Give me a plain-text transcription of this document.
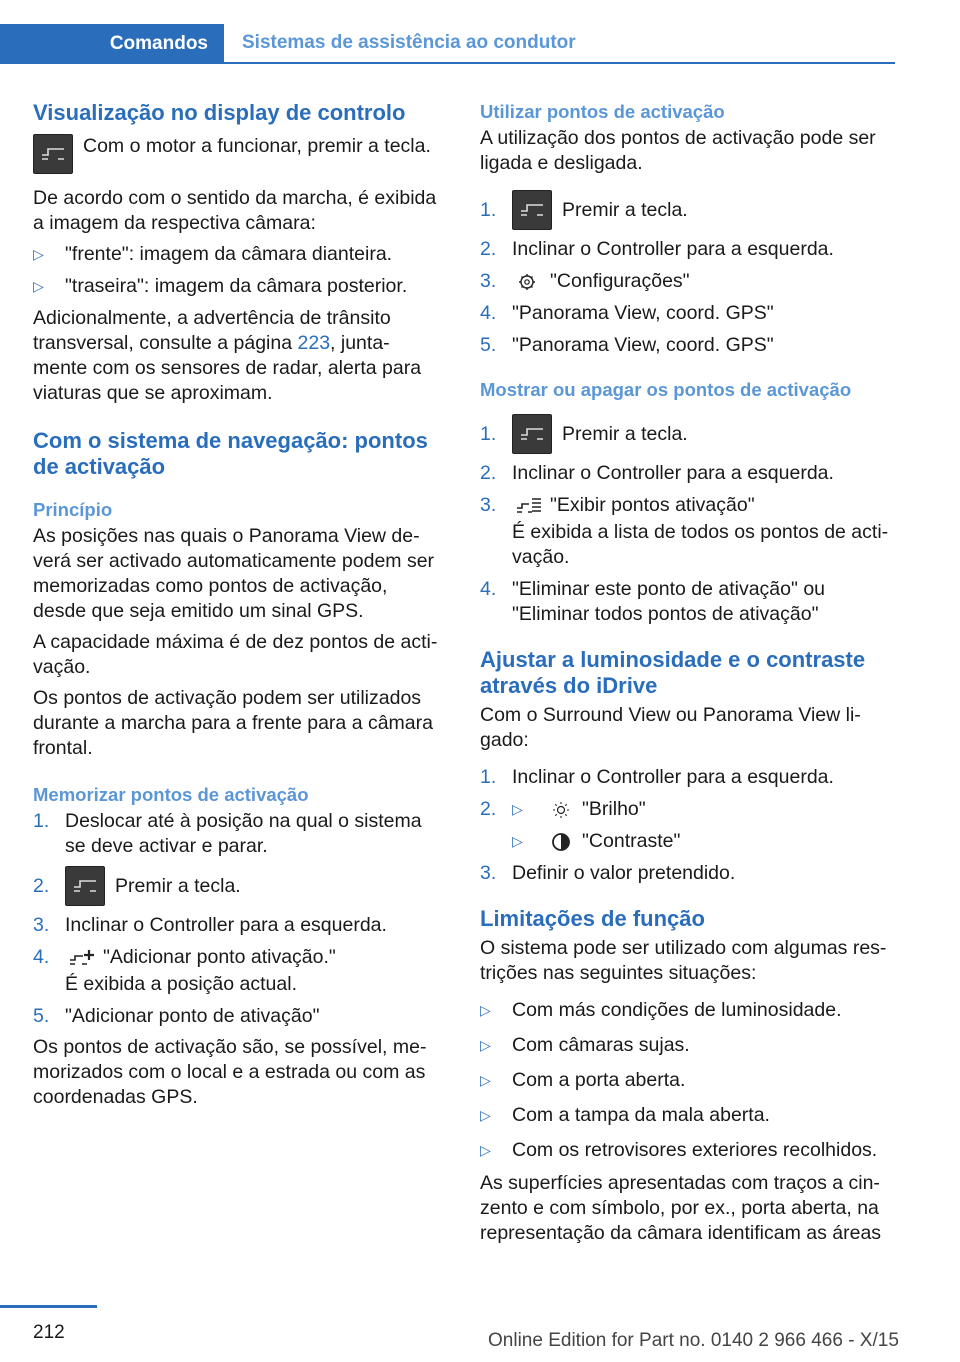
Comandos	Sistemas de assistência ao condutor
Visualização no display de controlo

Com o motor a funcionar, premir a tecla.

De acordo com o sentido da marcha, é exibida a imagem da respectiva câmara:

▷	"frente": imagem da câmara dianteira.
▷	"traseira": imagem da câmara posterior.

Adicionalmente, a advertência de trânsito transversal, consulte a página 223, junta-mente com os sensores de radar, alerta para viaturas que se aproximam.

Com o sistema de navegação: pontos de activação
Princípio

As posições nas quais o Panorama View de-verá ser activado automaticamente podem ser memorizadas como pontos de activação, desde que seja emitido um sinal GPS.

A capacidade máxima é de dez pontos de acti-vação.

Os pontos de activação podem ser utilizados durante a marcha para a frente para a câmara frontal.

Memorizar pontos de activação
1. Deslocar até à posição na qual o sistema se deve activar e parar.
2.	Premir a tecla.
3. Inclinar o Controller para a esquerda.
4.	"Adicionar ponto ativação."
É exibida a posição actual.
5. "Adicionar ponto de ativação"

Os pontos de activação são, se possível, me-morizados com o local e a estrada ou com as coordenadas GPS.

Utilizar pontos de activação

A utilização dos pontos de activação pode ser ligada e desligada.

1.	Premir a tecla.
2. Inclinar o Controller para a esquerda.
3.	"Configurações"
4. "Panorama View, coord. GPS"
5. "Panorama View, coord. GPS"
Mostrar ou apagar os pontos de activação
1.	Premir a tecla.
2. Inclinar o Controller para a esquerda.
3.	"Exibir pontos ativação"
É exibida a lista de todos os pontos de acti-vação.
4. "Eliminar este ponto de ativação" ou "Eliminar todos pontos de ativação"
Ajustar a luminosidade e o contraste através do iDrive

Com o Surround View ou Panorama View li-gado:

1. Inclinar o Controller para a esquerda.
2.	▷	"Brilho"
▷	"Contraste"
3. Definir o valor pretendido.
Limitações de função

O sistema pode ser utilizado com algumas res-trições nas seguintes situações:

▷	Com más condições de luminosidade.
▷	Com câmaras sujas.
▷	Com a porta aberta.
▷	Com a tampa da mala aberta.
▷	Com os retrovisores exteriores recolhidos.

As superfícies apresentadas com traços a cin-zento e com símbolo, por ex., porta aberta, na representação da câmara identificam as áreas

212	Online Edition for Part no. 0140 2 966 466 - X/15
